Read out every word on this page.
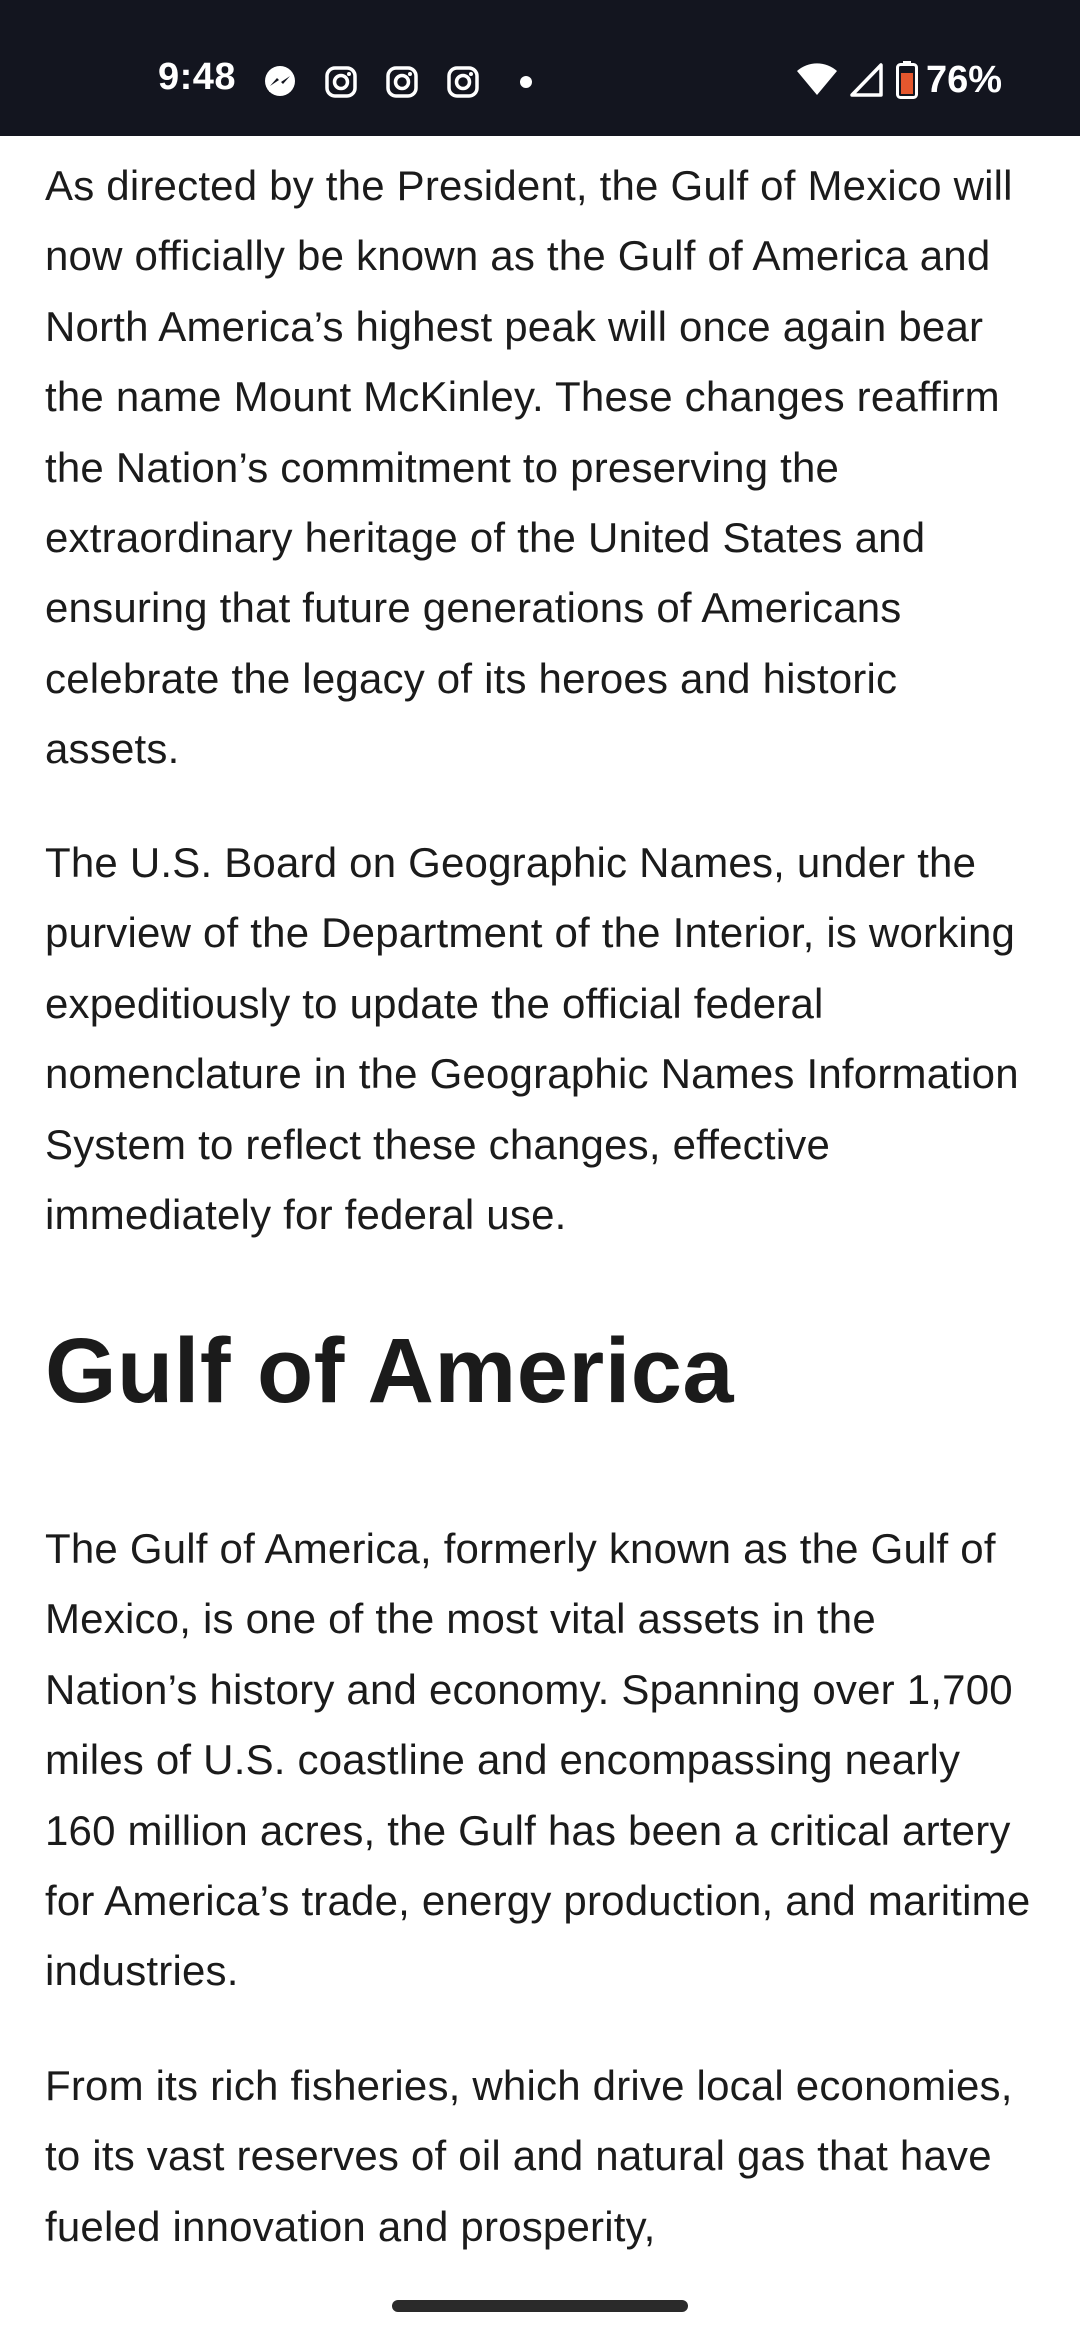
9:48	76%

As directed by the President, the Gulf of Mexico will now officially be known as the Gulf of America and North America’s highest peak will once again bear the name Mount McKinley. These changes reaffirm the Nation’s commitment to preserving the extraordinary heritage of the United States and ensuring that future generations of Americans celebrate the legacy of its heroes and historic assets.

The U.S. Board on Geographic Names, under the purview of the Department of the Interior, is working expeditiously to update the official federal nomenclature in the Geographic Names Information System to reflect these changes, effective immediately for federal use.

Gulf of America

The Gulf of America, formerly known as the Gulf of Mexico, is one of the most vital assets in the Nation’s history and economy. Spanning over 1,700 miles of U.S. coastline and encompassing nearly 160 million acres, the Gulf has been a critical artery for America’s trade, energy production, and maritime industries.

From its rich fisheries, which drive local economies, to its vast reserves of oil and natural gas that have fueled innovation and prosperity,
